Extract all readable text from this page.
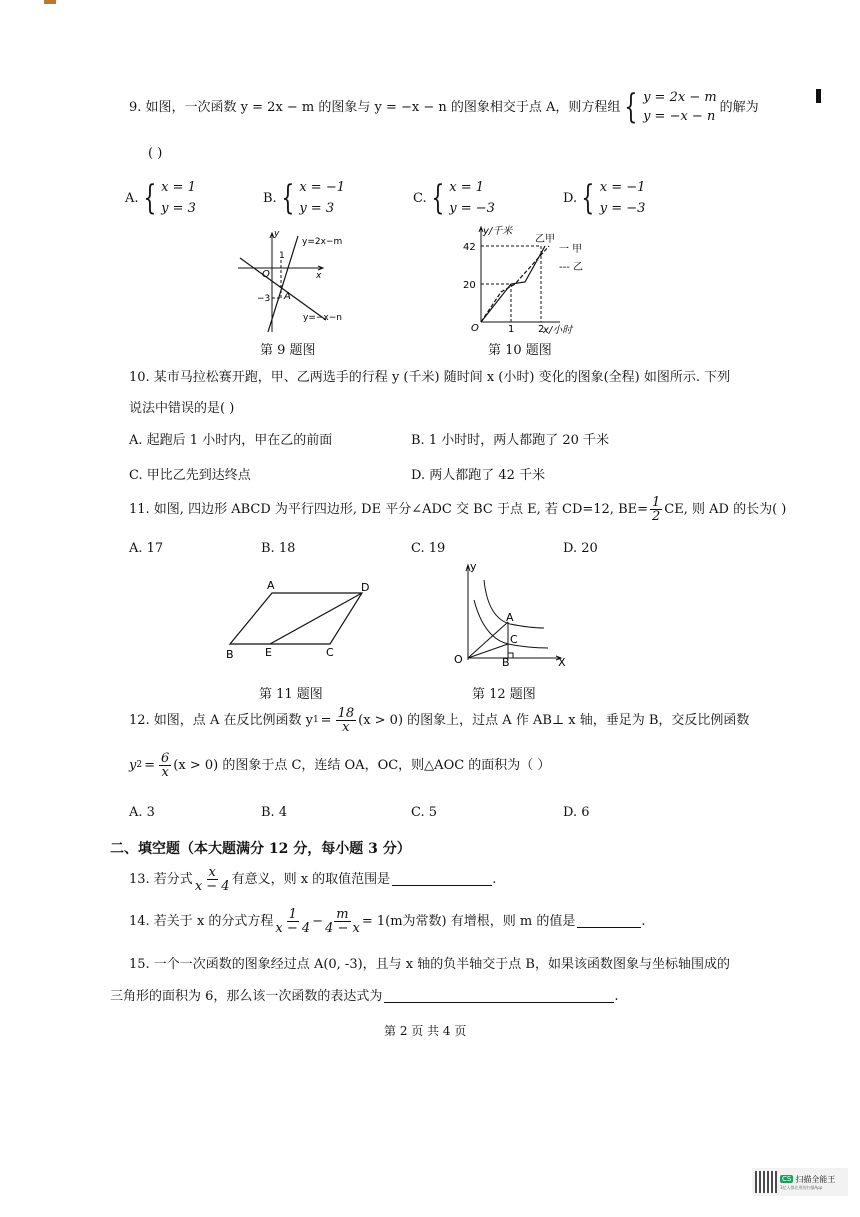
9. 如图，一次函数 y = 2x − m 的图象与 y = −x − n 的图象相交于点 A，则方程组 { y = 2x − m
y = −x − n
的解为
( )
A. { x = 1
y = 3
B. { x = −1
y = 3
C. { x = 1
y = −3
D. { x = −1
y = −3
y
x
O
1
−3 A
y=2x−m
y=−x−n
第 9 题图
y/千米
x/小时
O
42
20
1 2
乙甲
一 甲
--- 乙
第 10 题图
10. 某市马拉松赛开跑，甲、乙两选手的行程 y (千米) 随时间 x (小时) 变化的图象(全程) 如图所示. 下列
说法中错误的是( )
A. 起跑后 1 小时内，甲在乙的前面	B. 1 小时时，两人都跑了 20 千米
C. 甲比乙先到达终点	D. 两人都跑了 42 千米
11. 如图, 四边形 ABCD 为平行四边形, DE 平分∠ADC 交 BC 于点 E, 若 CD=12, $BE= \frac{1}{2}$ CE, 则 AD 的长为( )
A. 17	B. 18	C. 19	D. 20
A	D
B	E	C
第 11 题图
y
X
O
A
C
B
第 12 题图
12. 如图，点 A 在反比例函数 y $1 = \frac{18}{x} (x > 0)$ 的图象上，过点 A 作 AB⊥ x 轴，垂足为 B，交反比例函数
y $2 = \frac{6}{x} (x > 0)$ 的图象于点 C，连结 OA，OC，则△AOC 的面积为（ ）
A. 3	B. 4	C. 5	D. 6
二、填空题（本大题满分 12 分，每小题 3 分）
13. 若分式 $\frac{x}{x - 4}$ 有意义，则 x 的取值范围是	.
14. 若关于 x 的分式方程 $\frac{1}{x - 4} - \frac{m}{4 - x} = 1(m$为常数) 有增根，则 m 的值是	.
15. 一个一次函数的图象经过点 A(0, -3)，且与 x 轴的负半轴交于点 B，如果该函数图象与坐标轴围成的
三角形的面积为 6，那么该一次函数的表达式为	.
第 2 页 共 4 页
CS 扫描全能王
3亿人都在用的扫描App
